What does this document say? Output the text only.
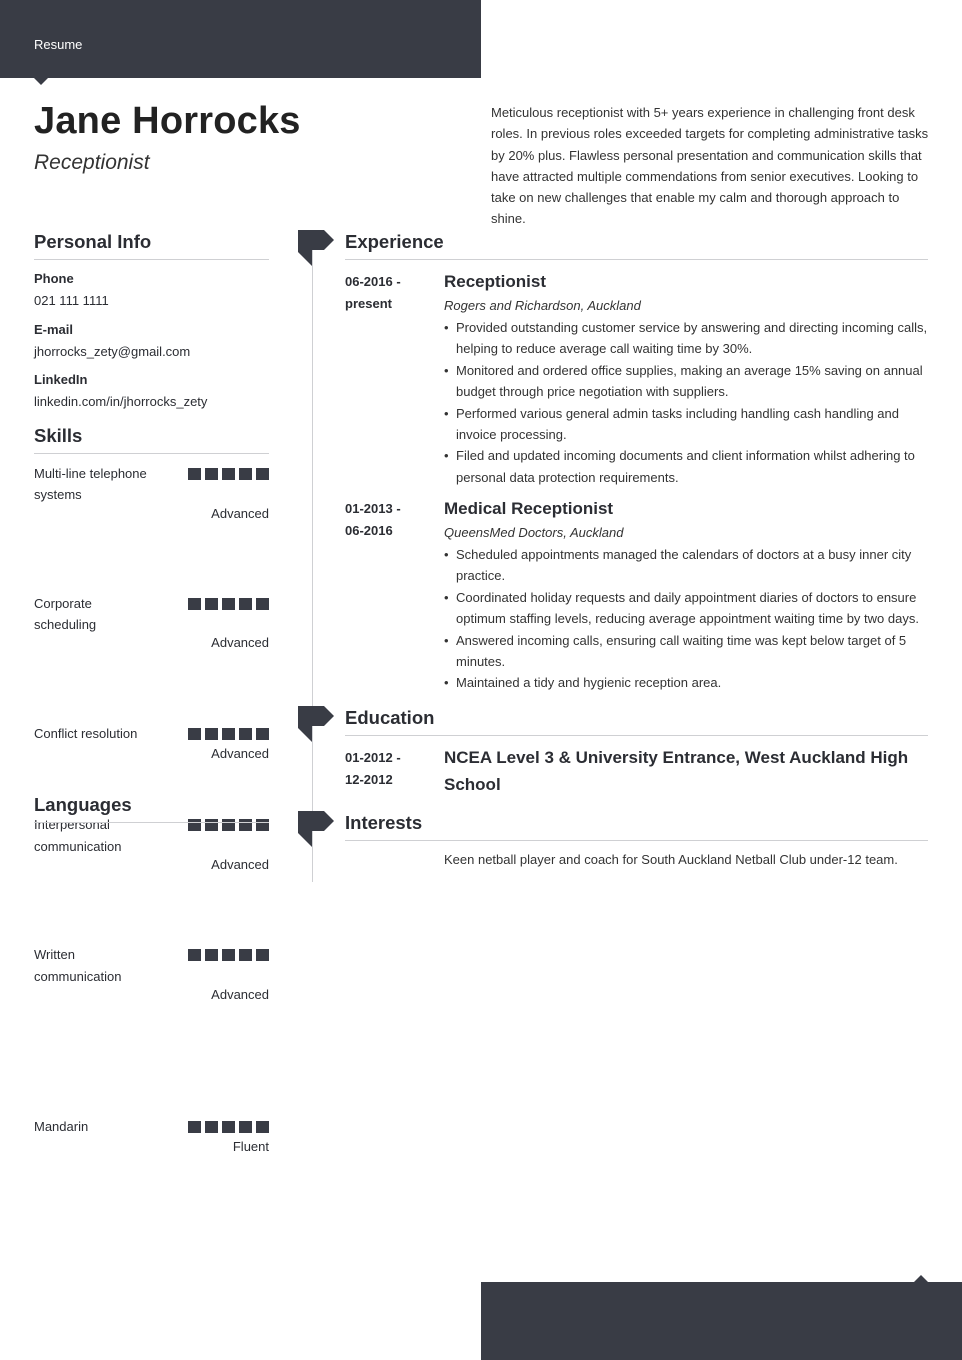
Resume
Jane Horrocks
Receptionist
Meticulous receptionist with 5+ years experience in challenging front desk roles. In previous roles exceeded targets for completing administrative tasks by 20% plus. Flawless personal presentation and communication skills that have attracted multiple commendations from senior executives. Looking to take on new challenges that enable my calm and thorough approach to shine.
Personal Info
Phone
021 111 1111
E-mail
jhorrocks_zety@gmail.com
LinkedIn
linkedin.com/in/jhorrocks_zety
Skills
Multi-line telephone systems
Advanced
Corporate scheduling
Advanced
Conflict resolution
Advanced
Interpersonal communication
Advanced
Written communication
Advanced
Languages
Mandarin
Fluent
Experience
06-2016 -
present
Receptionist
Rogers and Richardson, Auckland
• Provided outstanding customer service by answering and directing incoming calls, helping to reduce average call waiting time by 30%.
• Monitored and ordered office supplies, making an average 15% saving on annual budget through price negotiation with suppliers.
• Performed various general admin tasks including handling cash handling and invoice processing.
• Filed and updated incoming documents and client information whilst adhering to personal data protection requirements.
01-2013 -
06-2016
Medical Receptionist
QueensMed Doctors, Auckland
• Scheduled appointments managed the calendars of doctors at a busy inner city practice.
• Coordinated holiday requests and daily appointment diaries of doctors to ensure optimum staffing levels, reducing average appointment waiting time by two days.
• Answered incoming calls, ensuring call waiting time was kept below target of 5 minutes.
• Maintained a tidy and hygienic reception area.
Education
01-2012 -
12-2012
NCEA Level 3 & University Entrance, West Auckland High School
Interests
Keen netball player and coach for South Auckland Netball Club under-12 team.
